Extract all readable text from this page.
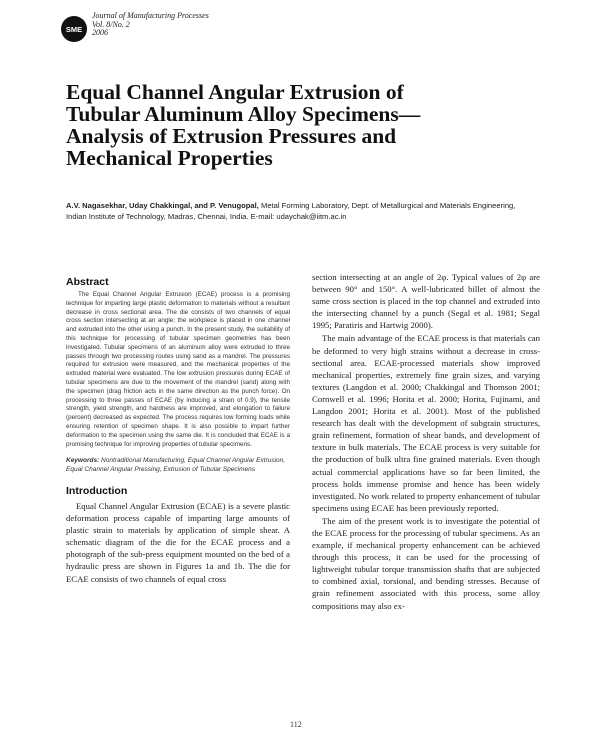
SME
Journal of Manufacturing Processes
Vol. 8/No. 2
2006
Equal Channel Angular Extrusion of
Tubular Aluminum Alloy Specimens—
Analysis of Extrusion Pressures and
Mechanical Properties
A.V. Nagasekhar, Uday Chakkingal, and P. Venugopal, Metal Forming Laboratory, Dept. of Metallurgical and Materials Engineering, Indian Institute of Technology, Madras, Chennai, India. E-mail: udaychak@iitm.ac.in
Abstract

The Equal Channel Angular Extrusion (ECAE) process is a promising technique for imparting large plastic deformation to materials without a resultant decrease in cross sectional area. The die consists of two channels of equal cross section intersecting at an angle; the workpiece is placed in one channel and extruded into the other using a punch. In the present study, the suitability of this technique for processing of tubular specimen geometries has been investigated. Tubular specimens of an aluminum alloy were extruded to three passes through two processing routes using sand as a mandrel. The pressures required for extrusion were measured, and the mechanical properties of the extruded material were evaluated. The low extrusion pressures during ECAE of tubular specimens are due to the movement of the mandrel (sand) along with the specimen (drag friction acts in the same direction as the punch force). On processing to three passes of ECAE (by inducing a strain of 0.9), the tensile strength, yield strength, and hardness are improved, and elongation to failure (percent) decreased as expected. The process requires low forming loads while ensuring retention of specimen shape. It is also possible to impart further deformation to the specimen using the same die. It is concluded that ECAE is a promising technique for improving properties of tubular specimens.

Keywords: Nontraditional Manufacturing, Equal Channel Angular Extrusion, Equal Channel Angular Pressing, Extrusion of Tubular Specimens

Introduction

Equal Channel Angular Extrusion (ECAE) is a severe plastic deformation process capable of imparting large amounts of plastic strain to materials by application of simple shear. A schematic diagram of the die for the ECAE process and a photograph of the sub-press equipment mounted on the bed of a hydraulic press are shown in Figures 1a and 1b. The die for ECAE consists of two channels of equal cross

section intersecting at an angle of 2φ. Typical values of 2φ are between 90° and 150°. A well-lubricated billet of almost the same cross section is placed in the top channel and extruded into the intersecting channel by a punch (Segal et al. 1981; Segal 1995; Paratiris and Hartwig 2000).

The main advantage of the ECAE process is that materials can be deformed to very high strains without a decrease in cross-sectional area. ECAE-processed materials show improved mechanical properties, extremely fine grain sizes, and varying textures (Langdon et al. 2000; Chakkingal and Thomson 2001; Cornwell et al. 1996; Horita et al. 2000; Horita, Fujinami, and Langdon 2001; Horita et al. 2001). Most of the published research has dealt with the development of subgrain structures, grain refinement, formation of shear bands, and development of texture in bulk materials. The ECAE process is very suitable for the production of bulk ultra fine grained materials. Even though actual commercial applications have so far been limited, the process holds immense promise and hence has been widely investigated. No work related to property enhancement of tubular specimens using ECAE has been previously reported.

The aim of the present work is to investigate the potential of the ECAE process for the processing of tubular specimens. As an example, if mechanical property enhancement can be achieved through this process, it can be used for the processing of lightweight tubular torque transmission shafts that are subjected to combined axial, torsional, and bending stresses. Because of grain refinement associated with this process, some alloy compositions may also ex-

112
